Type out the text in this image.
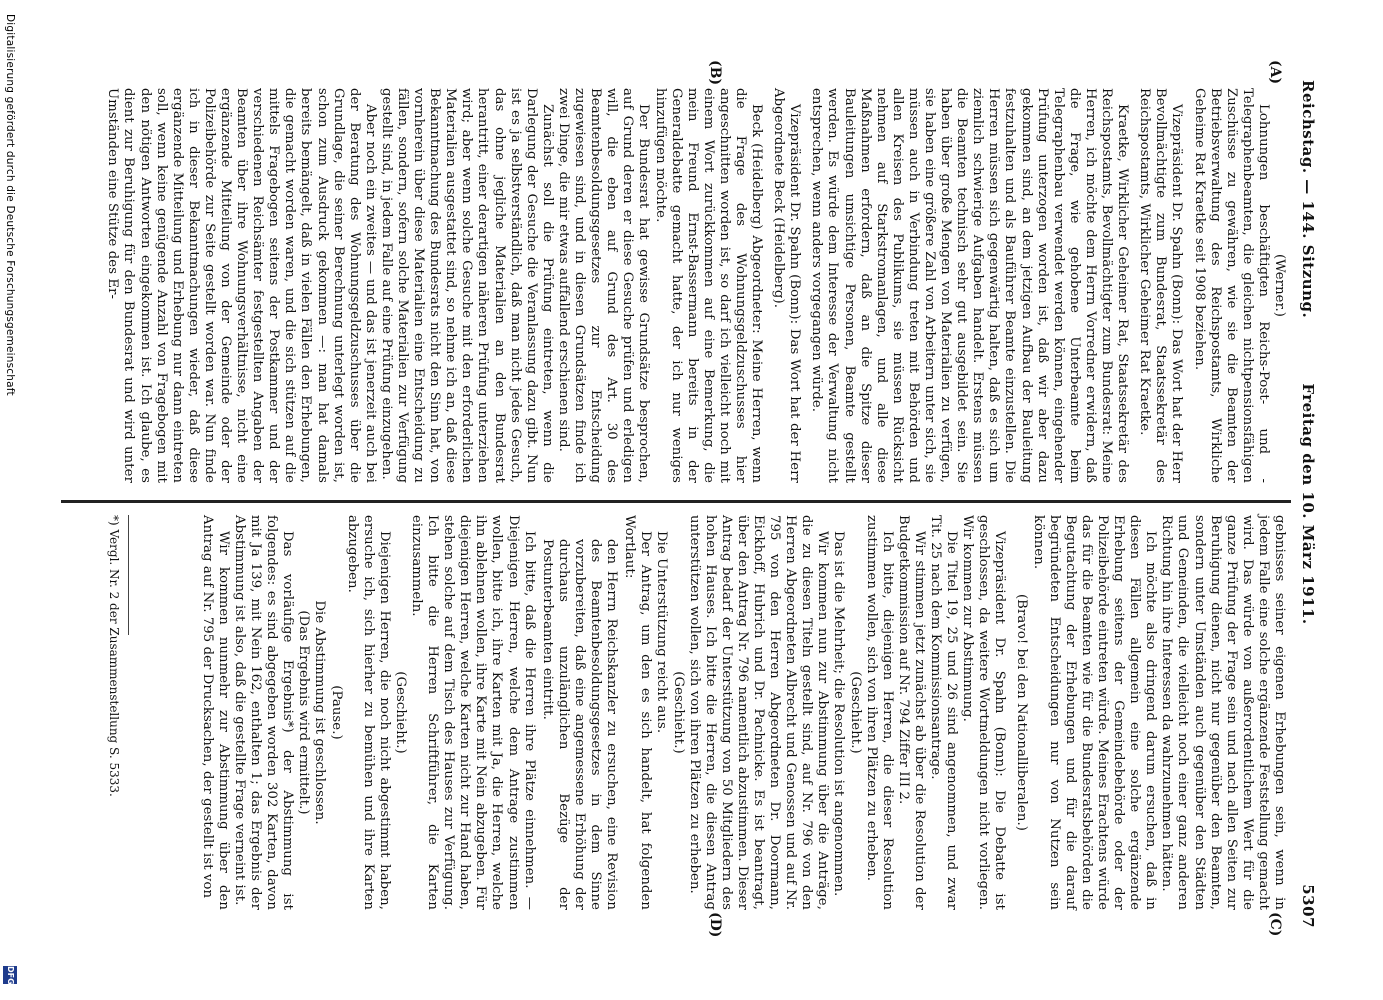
Reichstag. — 144. Sitzung.
Freitag den 10. März 1911.
5307
(A)
(B)
(C)
(D)

(Werner.)

Lohnungen beschäftigten Reichs-Post- und -Telegraphenbeamten, die gleichen nichtpensionsfähigen Zuschüsse zu gewähren, wie sie die Beamten der Betriebsverwaltung des Reichspostamts, Wirkliche Geheime Rat Kraetke seit 1908 beziehen.

Vizepräsident Dr. Spahn (Bonn): Das Wort hat der Herr Bevollmächtigte zum Bundesrat, Staatssekretär des Reichspostamts, Wirklicher Geheimer Rat Kraetke.

Kraetke, Wirklicher Geheimer Rat, Staatssekretär des Reichspostamts, Bevollmächtigter zum Bundesrat: Meine Herren, ich möchte dem Herrn Vorredner erwidern, daß die Frage, wie gehobene Unterbeamte beim Telegraphenbau verwendet werden können, eingehender Prüfung unterzogen worden ist, daß wir aber dazu gekommen sind, an dem jetzigen Aufbau der Bauleitung festzuhalten und als Bauführer Beamte einzustellen. Die Herren müssen sich gegenwärtig halten, daß es sich um ziemlich schwierige Aufgaben handelt. Erstens müssen die Beamten technisch sehr gut ausgebildet sein. Sie haben über große Mengen von Materialien zu verfügen, sie haben eine größere Zahl von Arbeitern unter sich, sie müssen auch in Verbindung treten mit Behörden und allen Kreisen des Publikums, sie müssen Rücksicht nehmen auf Starkstromanlagen, und alle diese Maßnahmen erfordern, daß an die Spitze dieser Bauleitungen umsichtige Personen, Beamte gestellt werden. Es würde dem Interesse der Verwaltung nicht entsprechen, wenn anders vorgegangen würde.

Vizepräsident Dr. Spahn (Bonn): Das Wort hat der Herr Abgeordnete Beck (Heidelberg).

Beck (Heidelberg) Abgeordneter: Meine Herren, wenn die Frage des Wohnungsgeldzuschusses hier angeschnitten worden ist, so darf ich vielleicht noch mit einem Wort zurückkommen auf eine Bemerkung, die mein Freund Ernst-Bassermann bereits in der Generaldebatte gemacht hatte, der ich nur weniges hinzufügen möchte.

Der Bundesrat hat gewisse Grundsätze besprochen, auf Grund deren er diese Gesuche prüfen und erledigen will, die eben auf Grund des Art. 30 des Beamtenbesoldungsgesetzes zur Entscheidung zugewiesen sind, und in diesen Grundsätzen finde ich zwei Dinge, die mir etwas auffallend erschienen sind.

Zunächst soll die Prüfung eintreten, wenn die Darlegung der Gesuche die Veranlassung dazu gibt. Nun ist es ja selbstverständlich, daß man nicht jedes Gesuch, das ohne jegliche Materialien an den Bundesrat herantritt, einer derartigen näheren Prüfung unterziehen wird; aber wenn solche Gesuche mit den erforderlichen Materialien ausgestattet sind, so nehme ich an, daß diese Bekanntmachung des Bundesrats nicht den Sinn hat, von vornherein über diese Materialien eine Entscheidung zu fällen, sondern, sofern solche Materialien zur Verfügung gestellt sind, in jedem Falle auf eine Prüfung einzugehen.

Aber noch ein zweites — und das ist jenerzeit auch bei der Beratung des Wohnungsgeldzuschusses über die Grundlage, die seiner Berechnung unterlegt worden ist, schon zum Ausdruck gekommen —: man hat damals bereits bemängelt, daß in vielen Fällen den Erhebungen, die gemacht worden waren, und die sich stützen auf die mittels Fragebogen seitens der Postkammer und der verschiedenen Reichsämter festgestellten Angaben der Beamten über ihre Wohnungsverhältnisse, nicht eine ergänzende Mitteilung von der Gemeinde oder der Polizeibehörde zur Seite gestellt worden war. Nun finde ich in dieser Bekanntmachungen wieder, daß diese ergänzende Mitteilung und Erhebung nur dann eintreten soll, wenn keine genügende Anzahl von Fragebogen mit den nötigen Antworten eingekommen ist. Ich glaube, es dient zur Beruhigung für den Bundesrat und wird unter Umständen eine Stütze des Er-

gebnisses seiner eigenen Erhebungen sein, wenn in jedem Falle eine solche ergänzende Feststellung gemacht wird. Das würde von außerordentlichem Wert für die ganze Prüfung der Frage sein und nach allen Seiten zur Beruhigung dienen, nicht nur gegenüber den Beamten, sondern unter Umständen auch gegenüber den Städten und Gemeinden, die vielleicht noch einer ganz anderen Richtung hin ihre Interessen da wahrzunehmen hätten.

Ich möchte also dringend darum ersuchen, daß in diesen Fällen allgemein eine solche ergänzende Erhebung seitens der Gemeindebehörde oder der Polizeibehörde eintreten würde. Meines Erachtens würde das für die Beamten wie für die Bundesratsbehörden die Begutachtung der Erhebungen und für die darauf begründeten Entscheidungen nur von Nutzen sein können.

(Bravo! bei den Nationalliberalen.)

Vizepräsident Dr. Spahn (Bonn): Die Debatte ist geschlossen, da weitere Wortmeldungen nicht vorliegen. Wir kommen zur Abstimmung.

Die Titel 19, 25 und 26 sind angenommen, und zwar Tit. 25 nach dem Kommissionsantrage.

Wir stimmen jetzt zunächst ab über die Resolution der Budgetkommission auf Nr. 794 Ziffer III 2.

Ich bitte, diejenigen Herren, die dieser Resolution zustimmen wollen, sich von ihren Plätzen zu erheben.

(Geschieht.)

Das ist die Mehrheit; die Resolution ist angenommen.

Wir kommen nun zur Abstimmung über die Anträge, die zu diesen Titeln gestellt sind, auf Nr. 796 von den Herren Abgeordneten Albrecht und Genossen und auf Nr. 795 von den Herren Abgeordneten Dr. Doormann, Eickhoff, Hubrich und Dr. Pachnicke. Es ist beantragt, über den Antrag Nr. 796 namentlich abzustimmen. Dieser Antrag bedarf der Unterstützung von 50 Mitgliedern des hohen Hauses. Ich bitte die Herren, die diesen Antrag unterstützen wollen, sich von ihren Plätzen zu erheben.

(Geschieht.)

Die Unterstützung reicht aus.

Der Antrag, um den es sich handelt, hat folgenden Wortlaut:

den Herrn Reichskanzler zu ersuchen, eine Revision des Beamtenbesoldungsgesetzes in dem Sinne vorzubereiten, daß eine angemessene Erhöhung der durchaus unzulänglichen Bezüge der Postunterbeamten eintritt.

Ich bitte, daß die Herren ihre Plätze einnehmen. — Diejenigen Herren, welche dem Antrage zustimmen wollen, bitte ich, ihre Karten mit Ja, die Herren, welche ihn ablehnen wollen, ihre Karte mit Nein abzugeben. Für diejenigen Herren, welche Karten nicht zur Hand haben, stehen solche auf dem Tisch des Hauses zur Verfügung. Ich bitte die Herren Schriftführer, die Karten einzusammeln.

(Geschieht.)

Diejenigen Herren, die noch nicht abgestimmt haben, ersuche ich, sich hierher zu bemühen und ihre Karten abzugeben.

(Pause.)

Die Abstimmung ist geschlossen.

(Das Ergebnis wird ermittelt.)

Das vorläufige Ergebnis*) der Abstimmung ist folgendes: es sind abgegeben worden 302 Karten, davon mit Ja 139, mit Nein 162, enthalten 1; das Ergebnis der Abstimmung ist also, daß die gestellte Frage verneint ist.

Wir kommen nunmehr zur Abstimmung über den Antrag auf Nr. 795 der Drucksachen, der gestellt ist von

*) Vergl. Nr. 2 der Zusammenstellung S. 5333.
Digitalisierung gefördert durch die Deutsche Forschungsgemeinschaft
DFG
